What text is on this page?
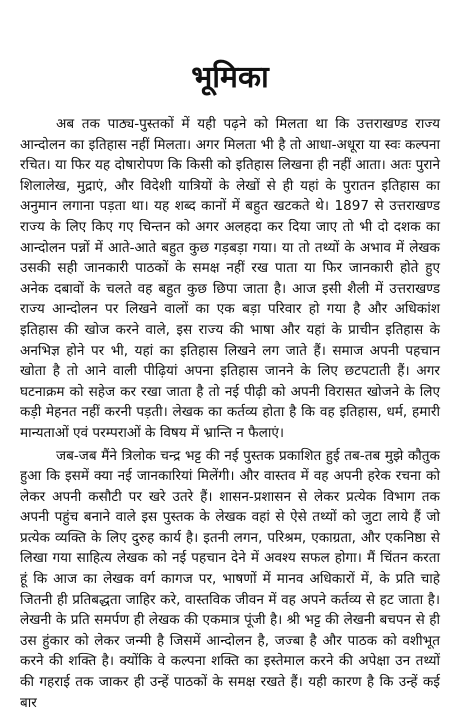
भूमिका

अब तक पाठ्य-पुस्तकों में यही पढ़ने को मिलता था कि उत्तराखण्ड राज्य आन्दोलन का इतिहास नहीं मिलता। अगर मिलता भी है तो आधा-अधूरा या स्वः कल्पना रचित। या फिर यह दोषारोपण कि किसी को इतिहास लिखना ही नहीं आता। अतः पुराने शिलालेख, मुद्राएं, और विदेशी यात्रियों के लेखों से ही यहां के पुरातन इतिहास का अनुमान लगाना पड़ता था। यह शब्द कानों में बहुत खटकते थे। 1897 से उत्तराखण्ड राज्य के लिए किए गए चिन्तन को अगर अलहदा कर दिया जाए तो भी दो दशक का आन्दोलन पन्नों में आते-आते बहुत कुछ गड़बड़ा गया। या तो तथ्यों के अभाव में लेखक उसकी सही जानकारी पाठकों के समक्ष नहीं रख पाता या फिर जानकारी होते हुए अनेक दबावों के चलते वह बहुत कुछ छिपा जाता है। आज इसी शैली में उत्तराखण्ड राज्य आन्दोलन पर लिखने वालों का एक बड़ा परिवार हो गया है और अधिकांश इतिहास की खोज करने वाले, इस राज्य की भाषा और यहां के प्राचीन इतिहास के अनभिज्ञ होने पर भी, यहां का इतिहास लिखने लग जाते हैं। समाज अपनी पहचान खोता है तो आने वाली पीढ़ियां अपना इतिहास जानने के लिए छटपटाती हैं। अगर घटनाक्रम को सहेज कर रखा जाता है तो नई पीढ़ी को अपनी विरासत खोजने के लिए कड़ी मेहनत नहीं करनी पड़ती। लेखक का कर्तव्य होता है कि वह इतिहास, धर्म, हमारी मान्यताओं एवं परम्पराओं के विषय में भ्रान्ति न फैलाएं।

जब-जब मैंने त्रिलोक चन्द्र भट्ट की नई पुस्तक प्रकाशित हुई तब-तब मुझे कौतुक हुआ कि इसमें क्या नई जानकारियां मिलेंगी। और वास्तव में वह अपनी हरेक रचना को लेकर अपनी कसौटी पर खरे उतरे हैं। शासन-प्रशासन से लेकर प्रत्येक विभाग तक अपनी पहुंच बनाने वाले इस पुस्तक के लेखक वहां से ऐसे तथ्यों को जुटा लाये हैं जो प्रत्येक व्यक्ति के लिए दुरुह कार्य है। इतनी लगन, परिश्रम, एकाग्रता, और एकनिष्ठा से लिखा गया साहित्य लेखक को नई पहचान देने में अवश्य सफल होगा। मैं चिंतन करता हूं कि आज का लेखक वर्ग कागज पर, भाषणों में मानव अधिकारों में, के प्रति चाहे जितनी ही प्रतिबद्धता जाहिर करे, वास्तविक जीवन में वह अपने कर्तव्य से हट जाता है। लेखनी के प्रति समर्पण ही लेखक की एकमात्र पूंजी है। श्री भट्ट की लेखनी बचपन से ही उस हुंकार को लेकर जन्मी है जिसमें आन्दोलन है, जज्बा है और पाठक को वशीभूत करने की शक्ति है। क्योंकि वे कल्पना शक्ति का इस्तेमाल करने की अपेक्षा उन तथ्यों की गहराई तक जाकर ही उन्हें पाठकों के समक्ष रखते हैं। यही कारण है कि उन्हें कई बार
